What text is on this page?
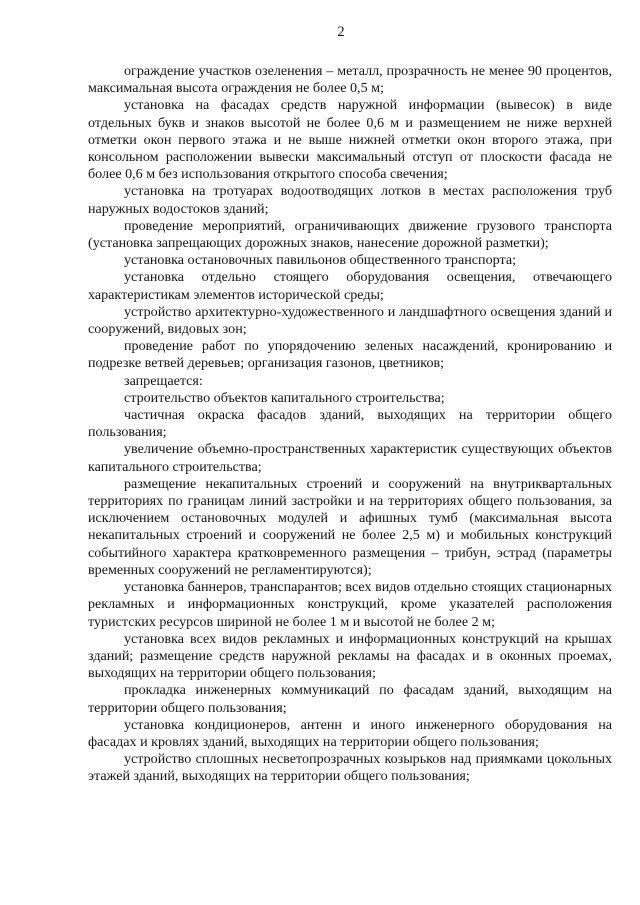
2

ограждение участков озеленения – металл, прозрачность не менее 90 процентов, максимальная высота ограждения не более 0,5 м;

установка на фасадах средств наружной информации (вывесок) в виде отдельных букв и знаков высотой не более 0,6 м и размещением не ниже верхней отметки окон первого этажа и не выше нижней отметки окон второго этажа, при консольном расположении вывески максимальный отступ от плоскости фасада не более 0,6 м без использования открытого способа свечения;

установка на тротуарах водоотводящих лотков в местах расположения труб наружных водостоков зданий;

проведение мероприятий, ограничивающих движение грузового транспорта (установка запрещающих дорожных знаков, нанесение дорожной разметки);

установка остановочных павильонов общественного транспорта;

установка отдельно стоящего оборудования освещения, отвечающего характеристикам элементов исторической среды;

устройство архитектурно-художественного и ландшафтного освещения зданий и сооружений, видовых зон;

проведение работ по упорядочению зеленых насаждений, кронированию и подрезке ветвей деревьев; организация газонов, цветников;

запрещается:

строительство объектов капитального строительства;

частичная окраска фасадов зданий, выходящих на территории общего пользования;

увеличение объемно-пространственных характеристик существующих объектов капитального строительства;

размещение некапитальных строений и сооружений на внутриквартальных территориях по границам линий застройки и на территориях общего пользования, за исключением остановочных модулей и афишных тумб (максимальная высота некапитальных строений и сооружений не более 2,5 м) и мобильных конструкций событийного характера кратковременного размещения – трибун, эстрад (параметры временных сооружений не регламентируются);

установка баннеров, транспарантов; всех видов отдельно стоящих стационарных рекламных и информационных конструкций, кроме указателей расположения туристских ресурсов шириной не более 1 м и высотой не более 2 м;

установка всех видов рекламных и информационных конструкций на крышах зданий; размещение средств наружной рекламы на фасадах и в оконных проемах, выходящих на территории общего пользования;

прокладка инженерных коммуникаций по фасадам зданий, выходящим на территории общего пользования;

установка кондиционеров, антенн и иного инженерного оборудования на фасадах и кровлях зданий, выходящих на территории общего пользования;

устройство сплошных несветопрозрачных козырьков над приямками цокольных этажей зданий, выходящих на территории общего пользования;
